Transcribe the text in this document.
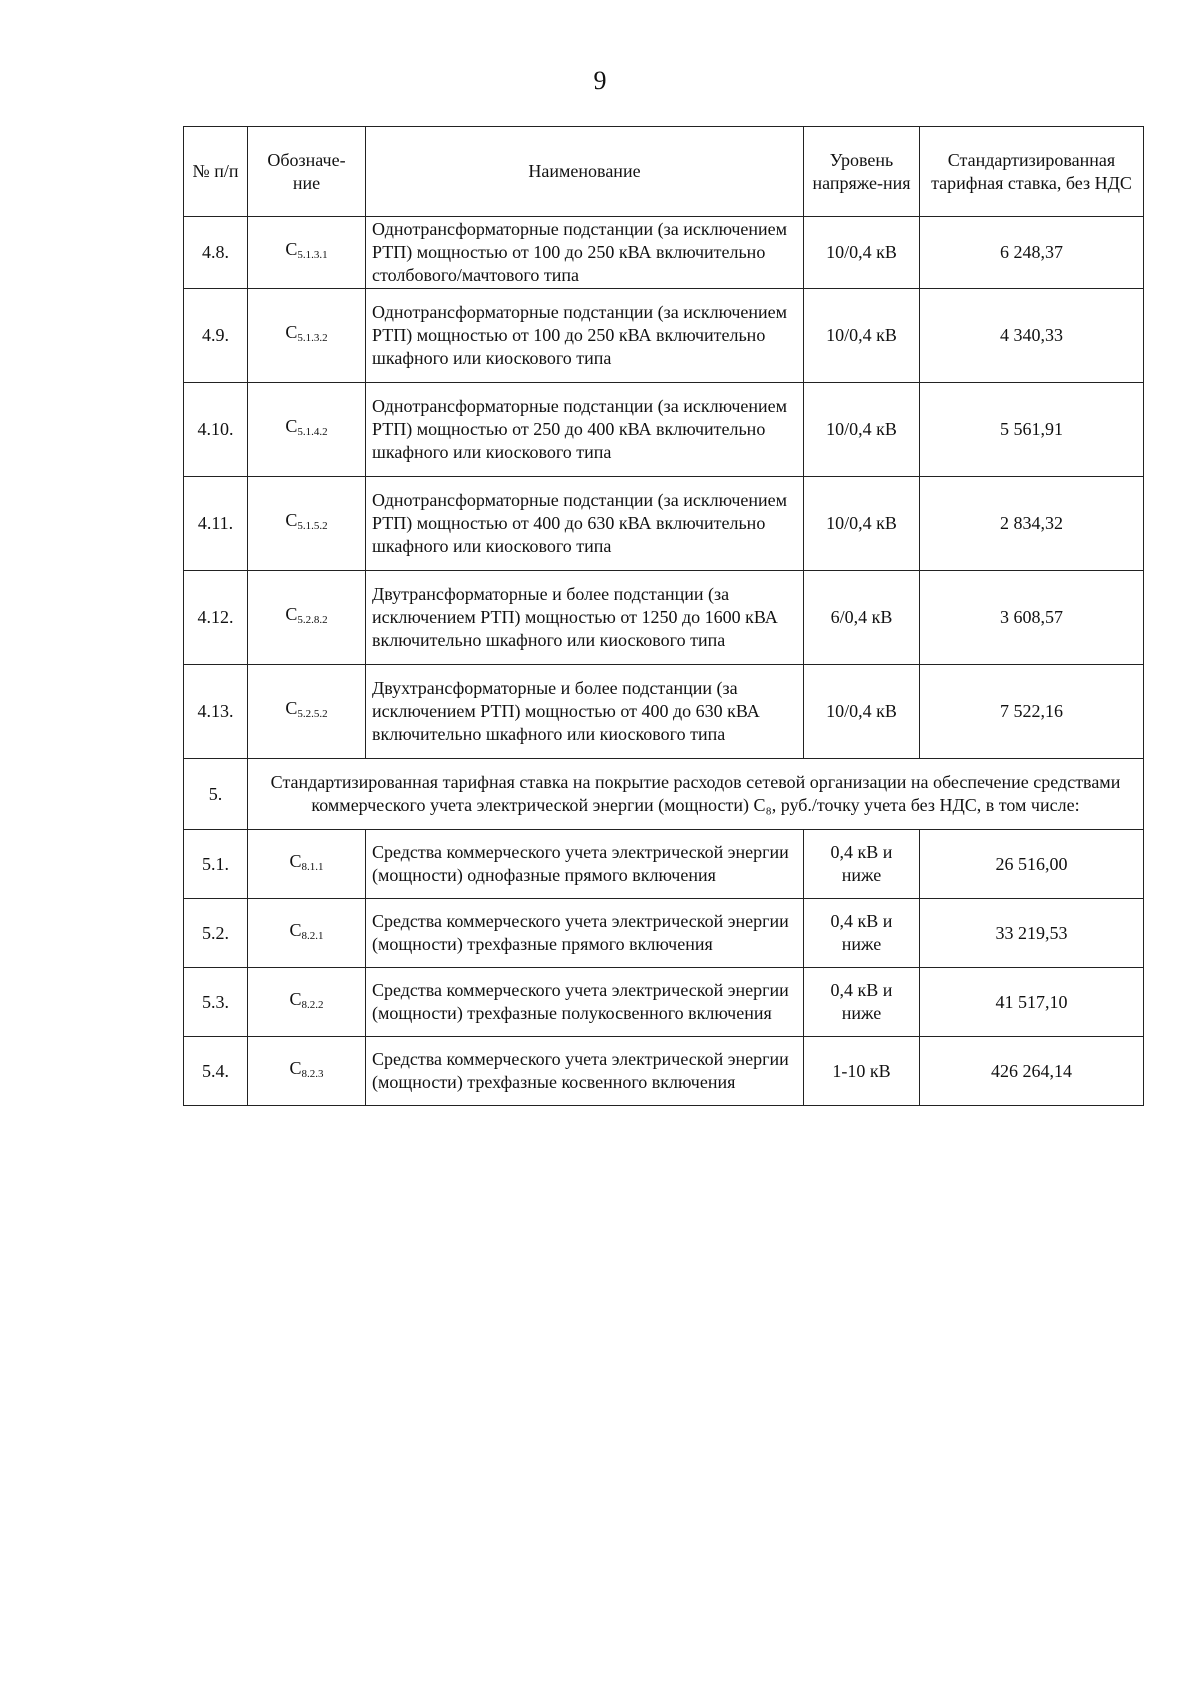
9
№ п/п	Обозначе-ние	Наименование	Уровень напряже-ния	Стандартизированная тарифная ставка, без НДС
4.8.	$C_{5.1.3.1}$	Однотрансформаторные подстанции (за исключением РТП) мощностью от 100 до 250 кВА включительно столбового/мачтового типа	10/0,4 кВ	6 248,37
4.9.	$C_{5.1.3.2}$	Однотрансформаторные подстанции (за исключением РТП) мощностью от 100 до 250 кВА включительно шкафного или киоскового типа	10/0,4 кВ	4 340,33
4.10.	$C_{5.1.4.2}$	Однотрансформаторные подстанции (за исключением РТП) мощностью от 250 до 400 кВА включительно шкафного или киоскового типа	10/0,4 кВ	5 561,91
4.11.	$C_{5.1.5.2}$	Однотрансформаторные подстанции (за исключением РТП) мощностью от 400 до 630 кВА включительно шкафного или киоскового типа	10/0,4 кВ	2 834,32
4.12.	$C_{5.2.8.2}$	Двутрансформаторные и более подстанции (за исключением РТП) мощностью от 1250 до 1600 кВА включительно шкафного или киоскового типа	6/0,4 кВ	3 608,57
4.13.	$C_{5.2.5.2}$	Двухтрансформаторные и более подстанции (за исключением РТП) мощностью от 400 до 630 кВА включительно шкафного или киоскового типа	10/0,4 кВ	7 522,16
5.	Стандартизированная тарифная ставка на покрытие расходов сетевой организации на обеспечение средствами коммерческого учета электрической энергии (мощности) C₈, руб./точку учета без НДС, в том числе:			
5.1.	$C_{8.1.1}$	Средства коммерческого учета электрической энергии (мощности) однофазные прямого включения	0,4 кВ и ниже	26 516,00
5.2.	$C_{8.2.1}$	Средства коммерческого учета электрической энергии (мощности) трехфазные прямого включения	0,4 кВ и ниже	33 219,53
5.3.	$C_{8.2.2}$	Средства коммерческого учета электрической энергии (мощности) трехфазные полукосвенного включения	0,4 кВ и ниже	41 517,10
5.4.	$C_{8.2.3}$	Средства коммерческого учета электрической энергии (мощности) трехфазные косвенного включения	1-10 кВ	426 264,14
